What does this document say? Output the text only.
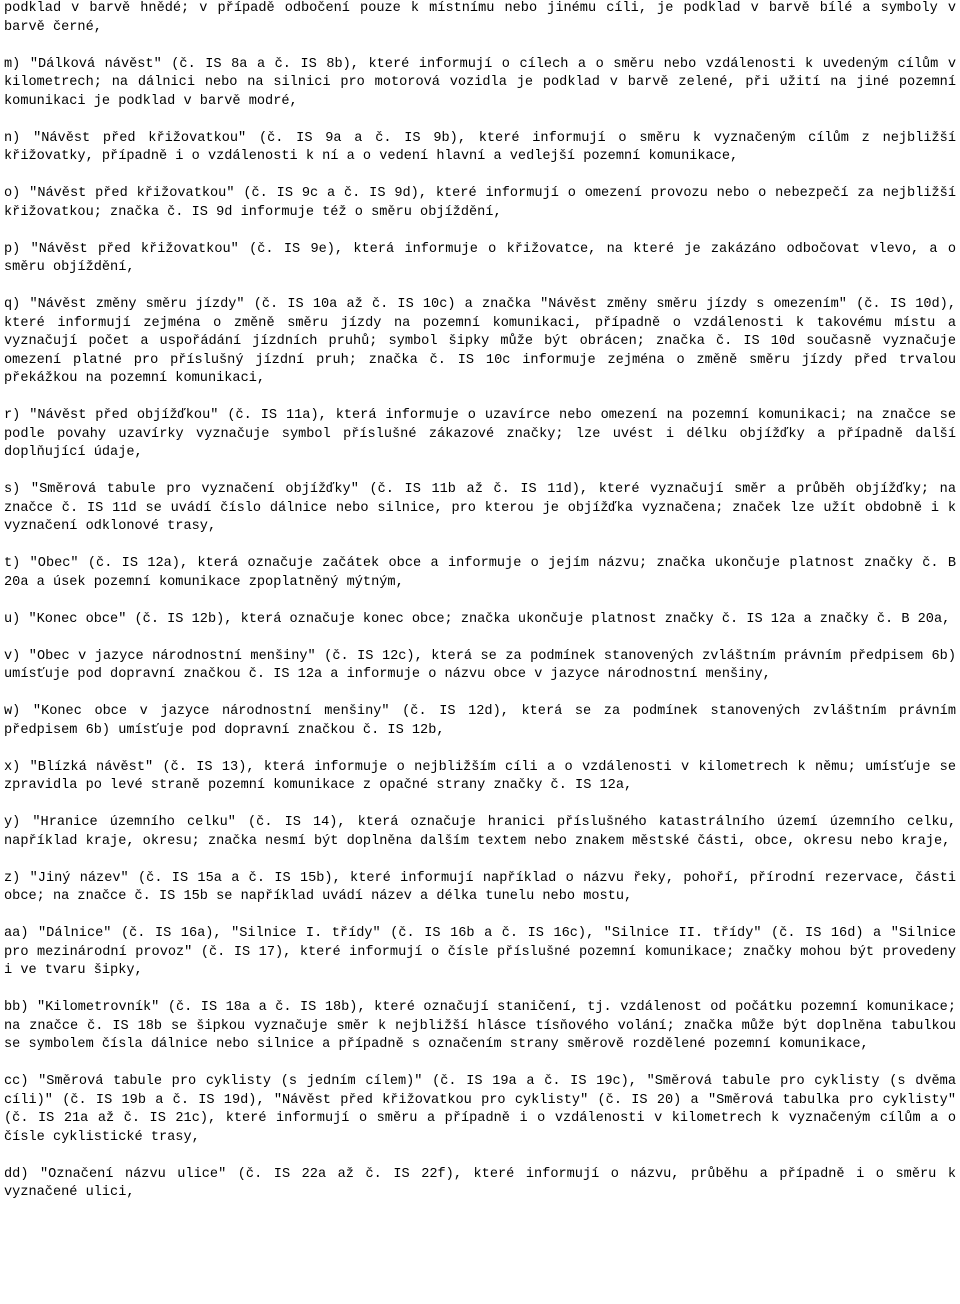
podklad v barvě hnědé; v případě odbočení pouze k místnímu nebo jinému cíli, je podklad v barvě bílé a symboly v barvě černé,

m) "Dálková návěst" (č. IS 8a a č. IS 8b), které informují o cílech a o směru nebo vzdálenosti k uvedeným cílům v kilometrech; na dálnici nebo na silnici pro motorová vozidla je podklad v barvě zelené, při užití na jiné pozemní komunikaci je podklad v barvě modré,

n) "Návěst před křižovatkou" (č. IS 9a a č. IS 9b), které informují o směru k vyznačeným cílům z nejbližší křižovatky, případně i o vzdálenosti k ní a o vedení hlavní a vedlejší pozemní komunikace,

o) "Návěst před křižovatkou" (č. IS 9c a č. IS 9d), které informují o omezení provozu nebo o nebezpečí za nejbližší křižovatkou; značka č. IS 9d informuje též o směru objíždění,

p) "Návěst před křižovatkou" (č. IS 9e), která informuje o křižovatce, na které je zakázáno odbočovat vlevo, a o směru objíždění,

q) "Návěst změny směru jízdy" (č. IS 10a až č. IS 10c) a značka "Návěst změny směru jízdy s omezením" (č. IS 10d), které informují zejména o změně směru jízdy na pozemní komunikaci, případně o vzdálenosti k takovému místu a vyznačují počet a uspořádání jízdních pruhů; symbol šipky může být obrácen; značka č. IS 10d současně vyznačuje omezení platné pro příslušný jízdní pruh; značka č. IS 10c informuje zejména o změně směru jízdy před trvalou překážkou na pozemní komunikaci,

r) "Návěst před objížďkou" (č. IS 11a), která informuje o uzavírce nebo omezení na pozemní komunikaci; na značce se podle povahy uzavírky vyznačuje symbol příslušné zákazové značky; lze uvést i délku objížďky a případně další doplňující údaje,

s) "Směrová tabule pro vyznačení objížďky" (č. IS 11b až č. IS 11d), které vyznačují směr a průběh objížďky; na značce č. IS 11d se uvádí číslo dálnice nebo silnice, pro kterou je objížďka vyznačena; značek lze užít obdobně i k vyznačení odklonové trasy,

t) "Obec" (č. IS 12a), která označuje začátek obce a informuje o jejím názvu; značka ukončuje platnost značky č. B 20a a úsek pozemní komunikace zpoplatněný mýtným,

u) "Konec obce" (č. IS 12b), která označuje konec obce; značka ukončuje platnost značky č. IS 12a a značky č. B 20a,

v) "Obec v jazyce národnostní menšiny" (č. IS 12c), která se za podmínek stanovených zvláštním právním předpisem 6b) umísťuje pod dopravní značkou č. IS 12a a informuje o názvu obce v jazyce národnostní menšiny,

w) "Konec obce v jazyce národnostní menšiny" (č. IS 12d), která se za podmínek stanovených zvláštním právním předpisem 6b) umísťuje pod dopravní značkou č. IS 12b,

x) "Blízká návěst" (č. IS 13), která informuje o nejbližším cíli a o vzdálenosti v kilometrech k němu; umísťuje se zpravidla po levé straně pozemní komunikace z opačné strany značky č. IS 12a,

y) "Hranice územního celku" (č. IS 14), která označuje hranici příslušného katastrálního území územního celku, například kraje, okresu; značka nesmí být doplněna dalším textem nebo znakem městské části, obce, okresu nebo kraje,

z) "Jiný název" (č. IS 15a a č. IS 15b), které informují například o názvu řeky, pohoří, přírodní rezervace, části obce; na značce č. IS 15b se například uvádí název a délka tunelu nebo mostu,

aa) "Dálnice" (č. IS 16a), "Silnice I. třídy" (č. IS 16b a č. IS 16c), "Silnice II. třídy" (č. IS 16d) a "Silnice pro mezinárodní provoz" (č. IS 17), které informují o čísle příslušné pozemní komunikace; značky mohou být provedeny i ve tvaru šipky,

bb) "Kilometrovník" (č. IS 18a a č. IS 18b), které označují staničení, tj. vzdálenost od počátku pozemní komunikace; na značce č. IS 18b se šipkou vyznačuje směr k nejbližší hlásce tísňového volání; značka může být doplněna tabulkou se symbolem čísla dálnice nebo silnice a případně s označením strany směrově rozdělené pozemní komunikace,

cc) "Směrová tabule pro cyklisty (s jedním cílem)" (č. IS 19a a č. IS 19c), "Směrová tabule pro cyklisty (s dvěma cíli)" (č. IS 19b a č. IS 19d), "Návěst před křižovatkou pro cyklisty" (č. IS 20) a "Směrová tabulka pro cyklisty" (č. IS 21a až č. IS 21c), které informují o směru a případně i o vzdálenosti v kilometrech k vyznačeným cílům a o čísle cyklistické trasy,

dd) "Označení názvu ulice" (č. IS 22a až č. IS 22f), které informují o názvu, průběhu a případně i o směru k vyznačené ulici,
